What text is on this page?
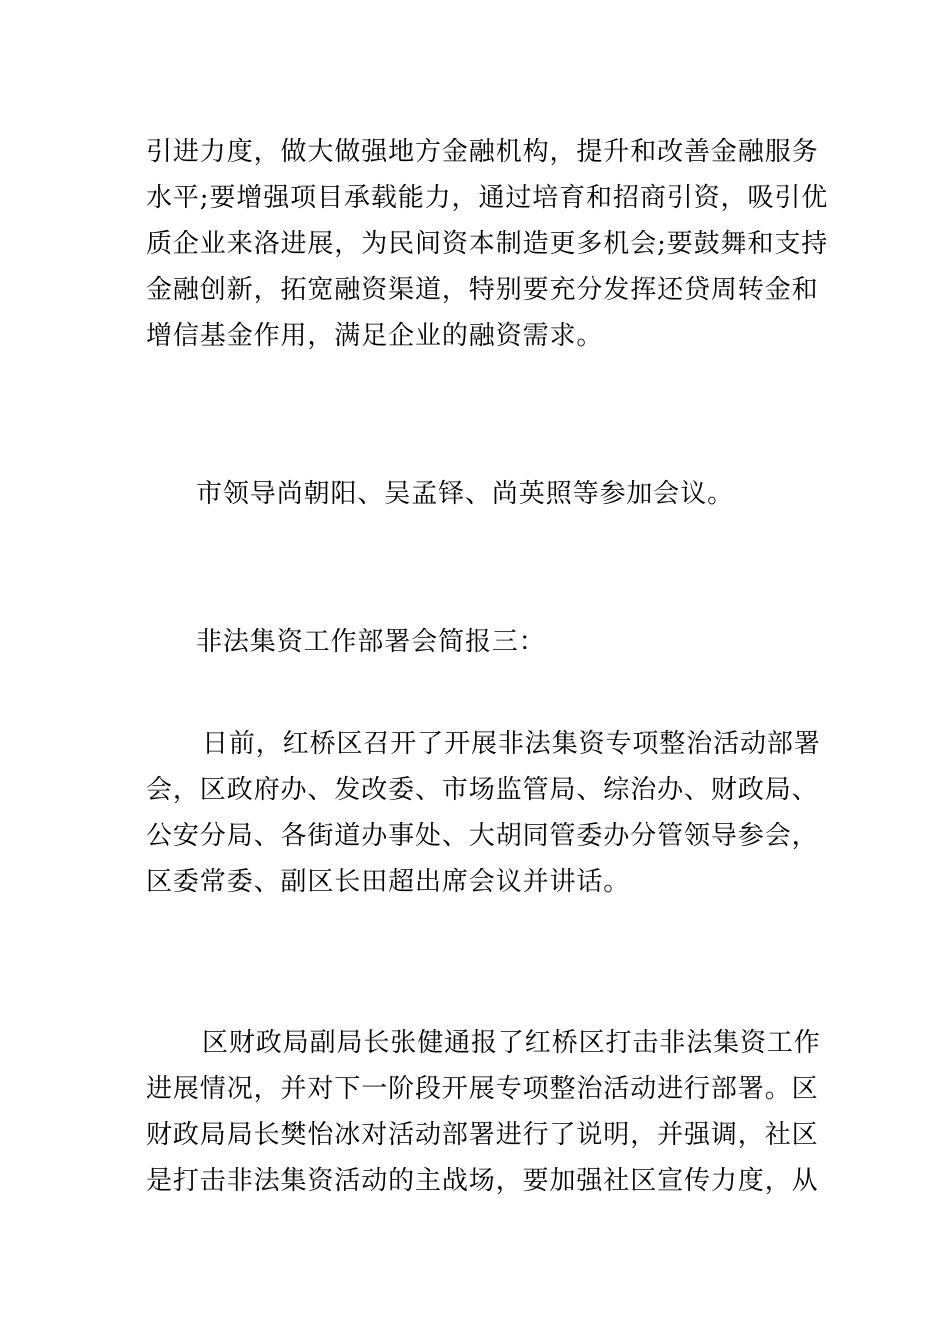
引进力度，做大做强地方金融机构，提升和改善金融服务
水平;要增强项目承载能力，通过培育和招商引资，吸引优
质企业来洛进展，为民间资本制造更多机会;要鼓舞和支持
金融创新，拓宽融资渠道，特别要充分发挥还贷周转金和
增信基金作用，满足企业的融资需求。
市领导尚朝阳、吴孟铎、尚英照等参加会议。
非法集资工作部署会简报三：
日前，红桥区召开了开展非法集资专项整治活动部署
会，区政府办、发改委、市场监管局、综治办、财政局、
公安分局、各街道办事处、大胡同管委办分管领导参会，
区委常委、副区长田超出席会议并讲话。
区财政局副局长张健通报了红桥区打击非法集资工作
进展情况，并对下一阶段开展专项整治活动进行部署。区
财政局局长樊怡冰对活动部署进行了说明，并强调，社区
是打击非法集资活动的主战场，要加强社区宣传力度，从
